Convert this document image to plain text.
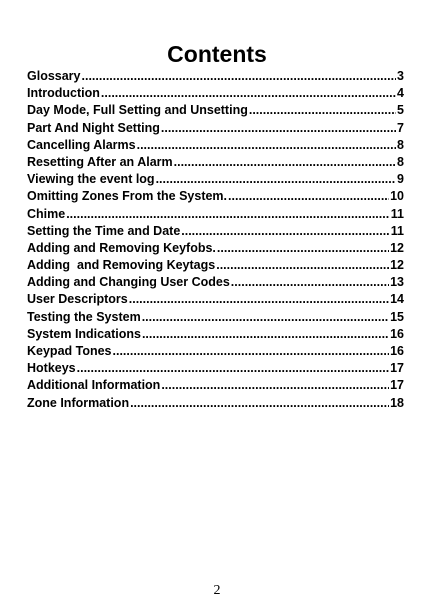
Contents
Glossary .....	3
Introduction .....	4
Day Mode, Full Setting and Unsetting .....	5
Part And Night Setting .....	7
Cancelling Alarms .....	8
Resetting After an Alarm .....	8
Viewing the event log .....	9
Omitting Zones From the System. .....	10
Chime .....	11
Setting the Time and Date .....	11
Adding and Removing Keyfobs. .....	12
Adding  and Removing Keytags .....	12
Adding and Changing User Codes .....	13
User Descriptors .....	14
Testing the System .....	15
System Indications .....	16
Keypad Tones .....	16
Hotkeys .....	17
Additional Information .....	17
Zone Information .....	18

2
